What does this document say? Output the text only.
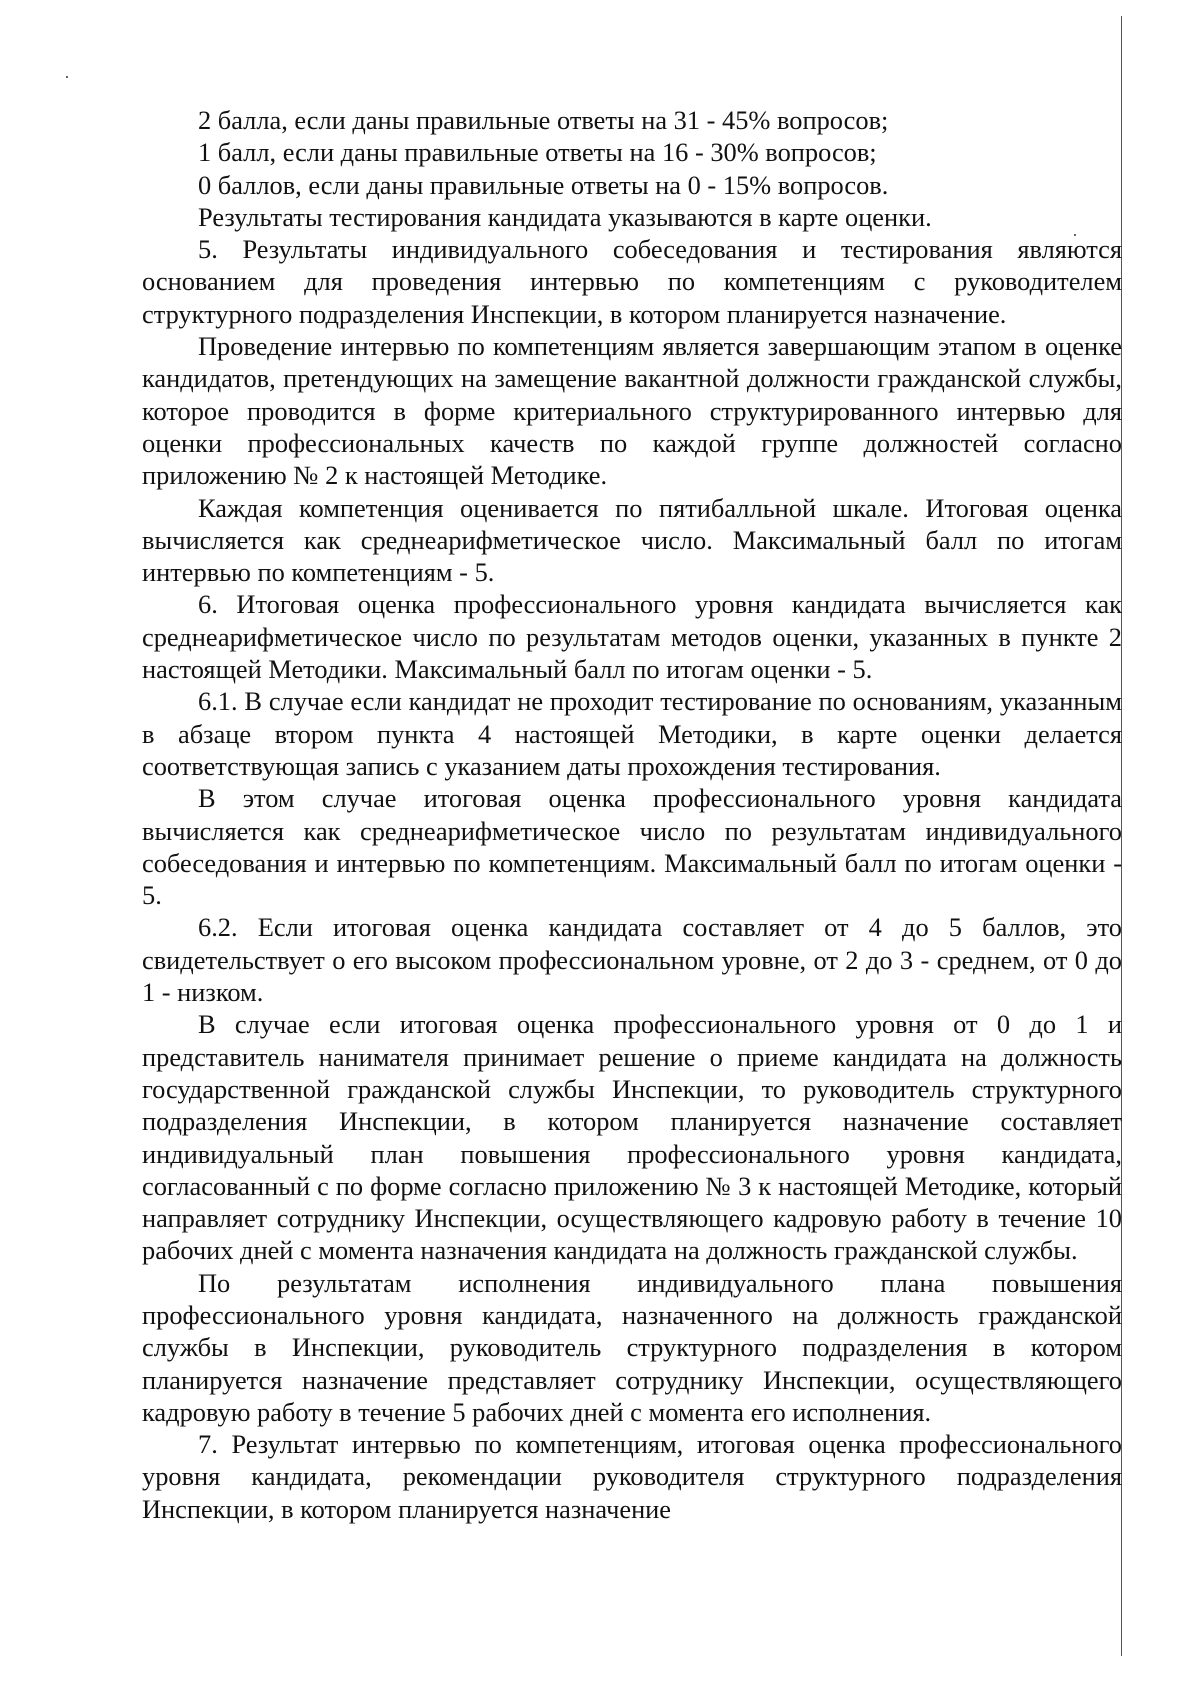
2 балла, если даны правильные ответы на 31 - 45% вопросов;

1 балл, если даны правильные ответы на 16 - 30% вопросов;

0 баллов, если даны правильные ответы на 0 - 15% вопросов.

Результаты тестирования кандидата указываются в карте оценки.

5. Результаты индивидуального собеседования и тестирования являются основанием для проведения интервью по компетенциям с руководителем структурного подразделения Инспекции, в котором планируется назначение.

Проведение интервью по компетенциям является завершающим этапом в оценке кандидатов, претендующих на замещение вакантной должности гражданской службы, которое проводится в форме критериального структурированного интервью для оценки профессиональных качеств по каждой группе должностей согласно приложению № 2 к настоящей Методике.

Каждая компетенция оценивается по пятибалльной шкале. Итоговая оценка вычисляется как среднеарифметическое число. Максимальный балл по итогам интервью по компетенциям - 5.

6. Итоговая оценка профессионального уровня кандидата вычисляется как среднеарифметическое число по результатам методов оценки, указанных в пункте 2 настоящей Методики. Максимальный балл по итогам оценки - 5.

6.1. В случае если кандидат не проходит тестирование по основаниям, указанным в абзаце втором пункта 4 настоящей Методики, в карте оценки делается соответствующая запись с указанием даты прохождения тестирования.

В этом случае итоговая оценка профессионального уровня кандидата вычисляется как среднеарифметическое число по результатам индивидуального собеседования и интервью по компетенциям. Максимальный балл по итогам оценки - 5.

6.2. Если итоговая оценка кандидата составляет от 4 до 5 баллов, это свидетельствует о его высоком профессиональном уровне, от 2 до 3 - среднем, от 0 до 1 - низком.

В случае если итоговая оценка профессионального уровня от 0 до 1 и представитель нанимателя принимает решение о приеме кандидата на должность государственной гражданской службы Инспекции, то руководитель структурного подразделения Инспекции, в котором планируется назначение составляет индивидуальный план повышения профессионального уровня кандидата, согласованный с по форме согласно приложению № 3 к настоящей Методике, который направляет сотруднику Инспекции, осуществляющего кадровую работу в течение 10 рабочих дней с момента назначения кандидата на должность гражданской службы.

По результатам исполнения индивидуального плана повышения профессионального уровня кандидата, назначенного на должность гражданской службы в Инспекции, руководитель структурного подразделения в котором планируется назначение представляет сотруднику Инспекции, осуществляющего кадровую работу в течение 5 рабочих дней с момента его исполнения.

7. Результат интервью по компетенциям, итоговая оценка профессионального уровня кандидата, рекомендации руководителя структурного подразделения Инспекции, в котором планируется назначение
